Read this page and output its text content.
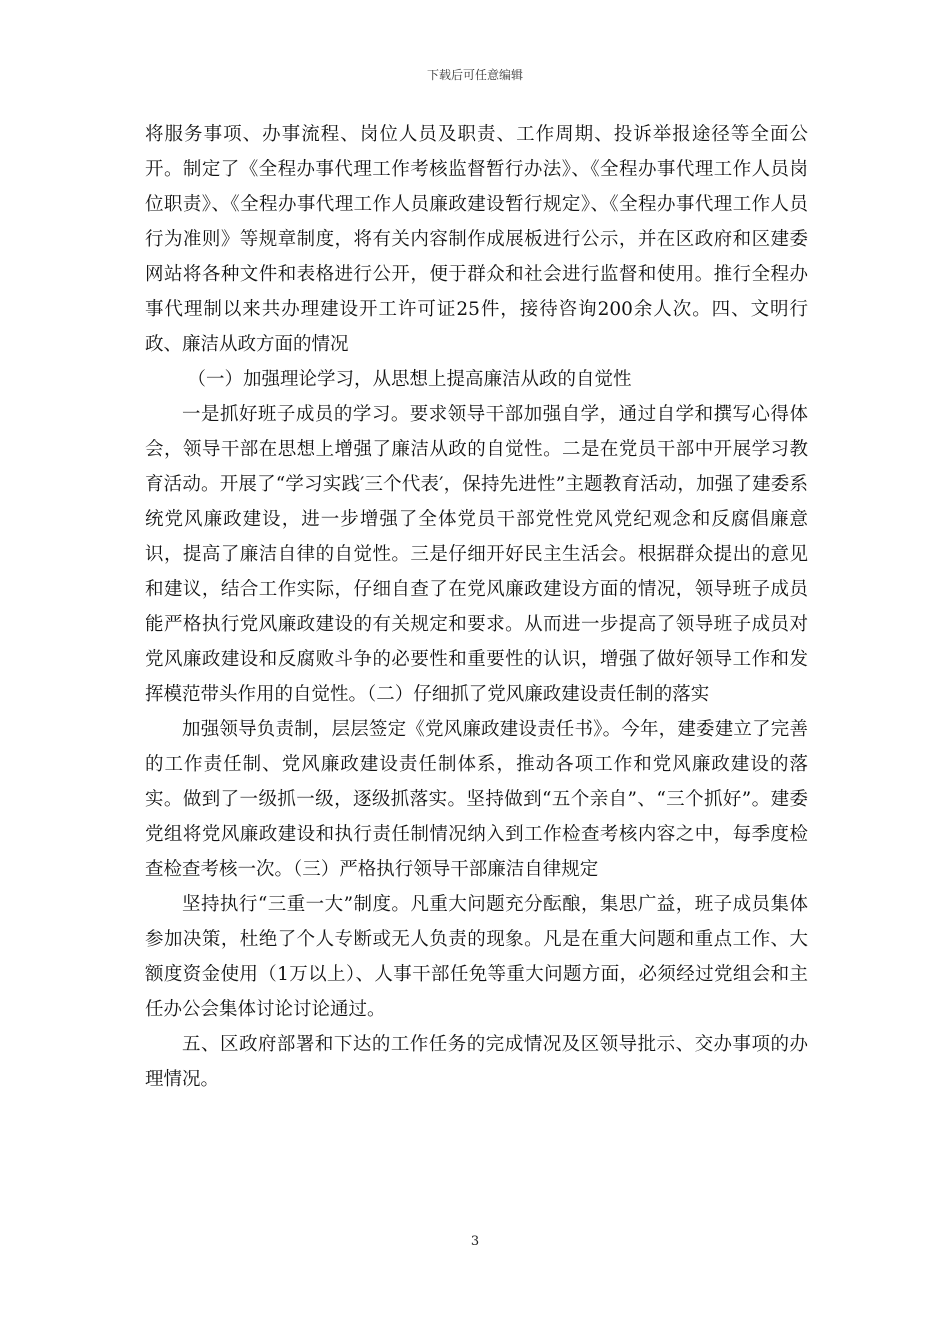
下载后可任意编辑

将服务事项、办事流程、岗位人员及职责、工作周期、投诉举报途径等全面公开。制定了《全程办事代理工作考核监督暂行办法》、《全程办事代理工作人员岗位职责》、《全程办事代理工作人员廉政建设暂行规定》、《全程办事代理工作人员行为准则》等规章制度，将有关内容制作成展板进行公示，并在区政府和区建委网站将各种文件和表格进行公开，便于群众和社会进行监督和使用。推行全程办事代理制以来共办理建设开工许可证25件，接待咨询200余人次。四、文明行政、廉洁从政方面的情况

（一）加强理论学习，从思想上提高廉洁从政的自觉性

一是抓好班子成员的学习。要求领导干部加强自学，通过自学和撰写心得体会，领导干部在思想上增强了廉洁从政的自觉性。二是在党员干部中开展学习教育活动。开展了“学习实践′三个代表′，保持先进性”主题教育活动，加强了建委系统党风廉政建设，进一步增强了全体党员干部党性党风党纪观念和反腐倡廉意识，提高了廉洁自律的自觉性。三是仔细开好民主生活会。根据群众提出的意见和建议，结合工作实际，仔细自查了在党风廉政建设方面的情况，领导班子成员能严格执行党风廉政建设的有关规定和要求。从而进一步提高了领导班子成员对党风廉政建设和反腐败斗争的必要性和重要性的认识，增强了做好领导工作和发挥模范带头作用的自觉性。（二）仔细抓了党风廉政建设责任制的落实

加强领导负责制，层层签定《党风廉政建设责任书》。今年，建委建立了完善的工作责任制、党风廉政建设责任制体系，推动各项工作和党风廉政建设的落实。做到了一级抓一级，逐级抓落实。坚持做到“五个亲自”、“三个抓好”。建委党组将党风廉政建设和执行责任制情况纳入到工作检查考核内容之中，每季度检查检查考核一次。（三）严格执行领导干部廉洁自律规定

坚持执行“三重一大”制度。凡重大问题充分酝酿，集思广益，班子成员集体参加决策，杜绝了个人专断或无人负责的现象。凡是在重大问题和重点工作、大额度资金使用（1万以上）、人事干部任免等重大问题方面，必须经过党组会和主任办公会集体讨论讨论通过。

五、区政府部署和下达的工作任务的完成情况及区领导批示、交办事项的办理情况。

3
